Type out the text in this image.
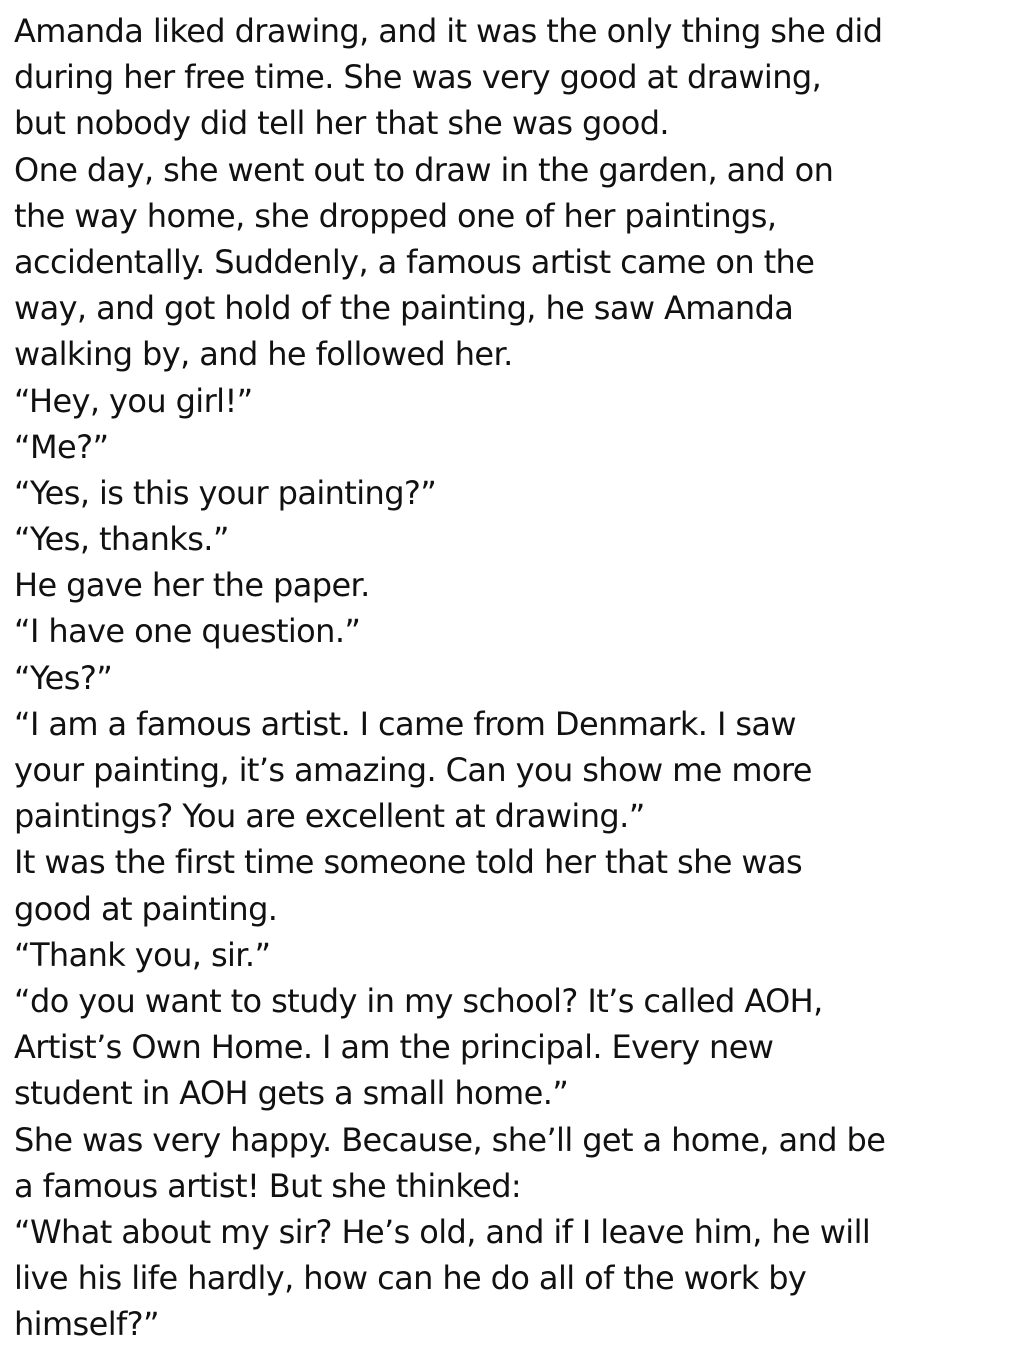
Amanda liked drawing, and it was the only thing she did
during her free time. She was very good at drawing,
but nobody did tell her that she was good.
One day, she went out to draw in the garden, and on
the way home, she dropped one of her paintings,
accidentally. Suddenly, a famous artist came on the
way, and got hold of the painting, he saw Amanda
walking by, and he followed her.
“Hey, you girl!”
“Me?”
“Yes, is this your painting?”
“Yes, thanks.”
He gave her the paper.
“I have one question.”
“Yes?”
“I am a famous artist. I came from Denmark. I saw
your painting, it’s amazing. Can you show me more
paintings? You are excellent at drawing.”
It was the first time someone told her that she was
good at painting.
“Thank you, sir.”
“do you want to study in my school? It’s called AOH,
Artist’s Own Home. I am the principal. Every new
student in AOH gets a small home.”
She was very happy. Because, she’ll get a home, and be
a famous artist! But she thinked:
“What about my sir? He’s old, and if I leave him, he will
live his life hardly, how can he do all of the work by
himself?”
